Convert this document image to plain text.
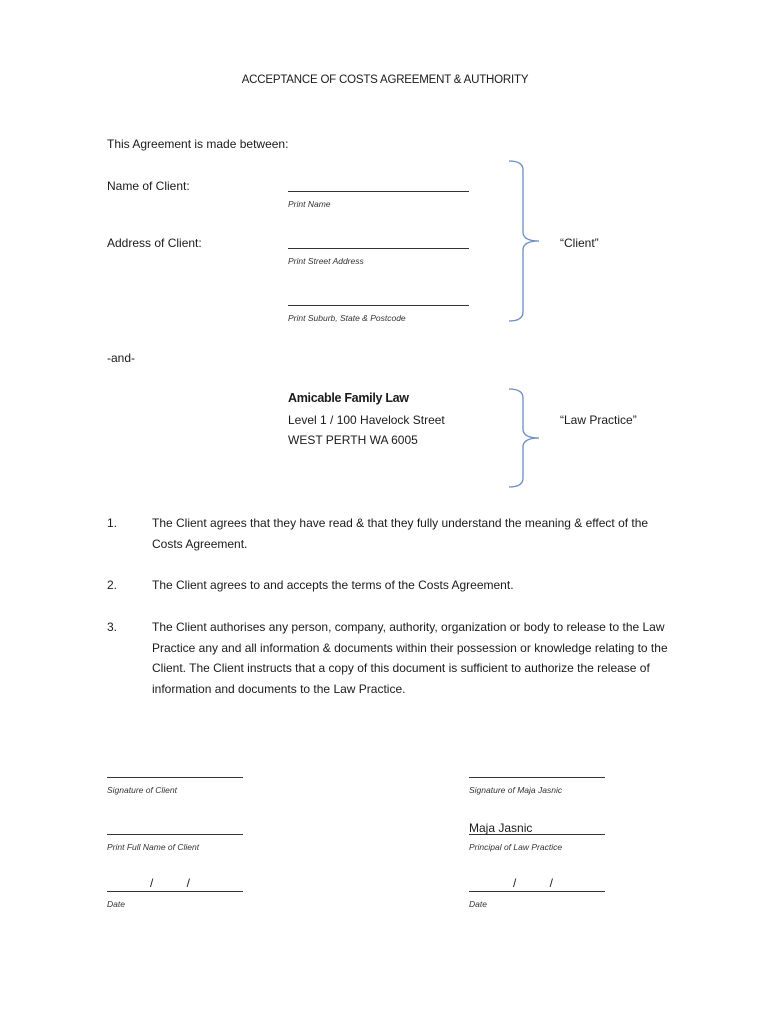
ACCEPTANCE OF COSTS AGREEMENT & AUTHORITY
This Agreement is made between:
Name of Client:
Print Name
Address of Client:
Print Street Address
Print Suburb, State & Postcode
“Client”
-and-
Amicable Family Law
Level 1 / 100 Havelock Street
WEST PERTH WA 6005
“Law Practice”
1.	The Client agrees that they have read & that they fully understand the meaning & effect of the Costs Agreement.
2.	The Client agrees to and accepts the terms of the Costs Agreement.
3.	The Client authorises any person, company, authority, organization or body to release to the Law Practice any and all information & documents within their possession or knowledge relating to the Client. The Client instructs that a copy of this document is sufficient to authorize the release of information and documents to the Law Practice.
Signature of Client
Print Full Name of Client
/          /
Date
Signature of Maja Jasnic
Maja Jasnic
Principal of Law Practice
/          /
Date
